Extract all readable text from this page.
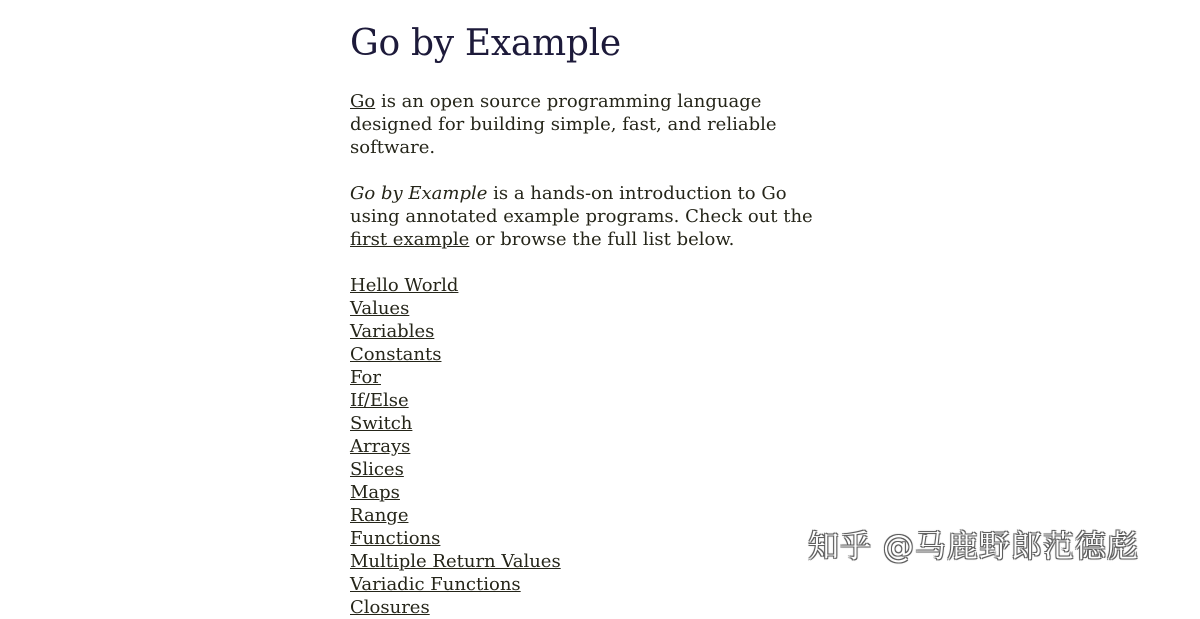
Go by Example

Go is an open source programming language designed for building simple, fast, and reliable software.

Go by Example is a hands-on introduction to Go using annotated example programs. Check out the first example or browse the full list below.

Hello World
Values
Variables
Constants
For
If/Else
Switch
Arrays
Slices
Maps
Range
Functions
Multiple Return Values
Variadic Functions
Closures
知乎 @马鹿野郎范德彪
